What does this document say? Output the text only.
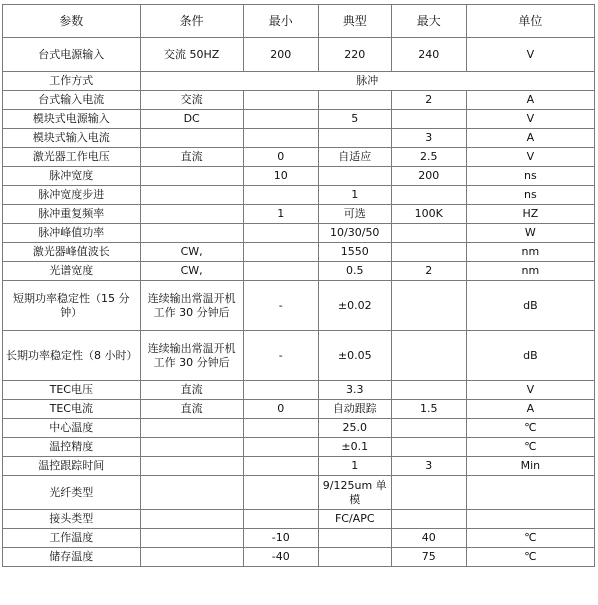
参数	条件	最小	典型	最大	单位
台式电源输入	交流 50HZ	200	220	240	V
工作方式	脉冲				
台式输入电流	交流			2	A
模块式电源输入	DC		5		V
模块式输入电流				3	A
激光器工作电压	直流	0	自适应	2.5	V
脉冲宽度		10		200	ns
脉冲宽度步进			1		ns
脉冲重复频率		1	可选	100K	HZ
脉冲峰值功率			10/30/50		W
激光器峰值波长	CW,		1550		nm
光谱宽度	CW,		0.5	2	nm
短期功率稳定性（15 分钟）	连续输出常温开机工作 30 分钟后	-	±0.02		dB
长期功率稳定性（8 小时）	连续输出常温开机工作 30 分钟后	-	±0.05		dB
TEC电压	直流		3.3		V
TEC电流	直流	0	自动跟踪	1.5	A
中心温度			25.0		℃
温控精度			±0.1		℃
温控跟踪时间			1	3	Min
光纤类型			9/125um 单模		
接头类型			FC/APC		
工作温度		-10		40	℃
储存温度		-40		75	℃
